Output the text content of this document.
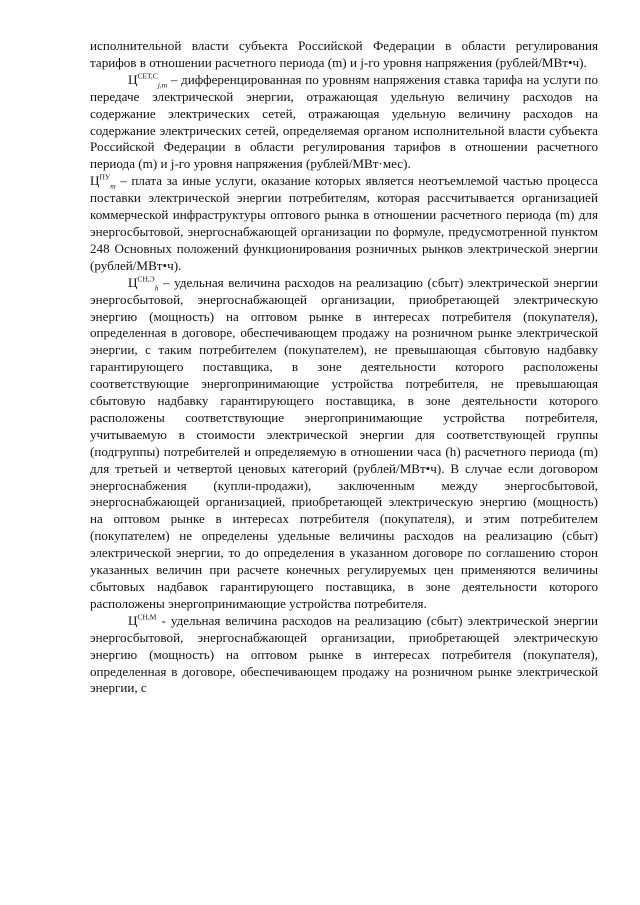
исполнительной власти субъекта Российской Федерации в области регулирования тарифов в отношении расчетного периода (m) и j-го уровня напряжения (рублей/МВт•ч).

$Ц^{СЕТ,С}_{j,m}$ – дифференцированная по уровням напряжения ставка тарифа на услуги по передаче электрической энергии, отражающая удельную величину расходов на содержание электрических сетей, отражающая удельную величину расходов на содержание электрических сетей, определяемая органом исполнительной власти субъекта Российской Федерации в области регулирования тарифов в отношении расчетного периода (m) и j-го уровня напряжения (рублей/МВт·мес).

$Ц^{ПУ}_m$ – плата за иные услуги, оказание которых является неотъемлемой частью процесса поставки электрической энергии потребителям, которая рассчитывается организацией коммерческой инфраструктуры оптового рынка в отношении расчетного периода (m) для энергосбытовой, энергоснабжающей организации по формуле, предусмотренной пунктом 248 Основных положений функционирования розничных рынков электрической энергии (рублей/МВт•ч).

$Ц^{СН,Э}_h$ – удельная величина расходов на реализацию (сбыт) электрической энергии энергосбытовой, энергоснабжающей организации, приобретающей электрическую энергию (мощность) на оптовом рынке в интересах потребителя (покупателя), определенная в договоре, обеспечивающем продажу на розничном рынке электрической энергии, с таким потребителем (покупателем), не превышающая сбытовую надбавку гарантирующего поставщика, в зоне деятельности которого расположены соответствующие энергопринимающие устройства потребителя, не превышающая сбытовую надбавку гарантирующего поставщика, в зоне деятельности которого расположены соответствующие энергопринимающие устройства потребителя, учитываемую в стоимости электрической энергии для соответствующей группы (подгруппы) потребителей и определяемую в отношении часа (h) расчетного периода (m) для третьей и четвертой ценовых категорий (рублей/МВт•ч). В случае если договором энергоснабжения (купли-продажи), заключенным между энергосбытовой, энергоснабжающей организацией, приобретающей электрическую энергию (мощность) на оптовом рынке в интересах потребителя (покупателя), и этим потребителем (покупателем) не определены удельные величины расходов на реализацию (сбыт) электрической энергии, то до определения в указанном договоре по соглашению сторон указанных величин при расчете конечных регулируемых цен применяются величины сбытовых надбавок гарантирующего поставщика, в зоне деятельности которого расположены энергопринимающие устройства потребителя.

$Ц^{СН,М}$ - удельная величина расходов на реализацию (сбыт) электрической энергии энергосбытовой, энергоснабжающей организации, приобретающей электрическую энергию (мощность) на оптовом рынке в интересах потребителя (покупателя), определенная в договоре, обеспечивающем продажу на розничном рынке электрической энергии, с
